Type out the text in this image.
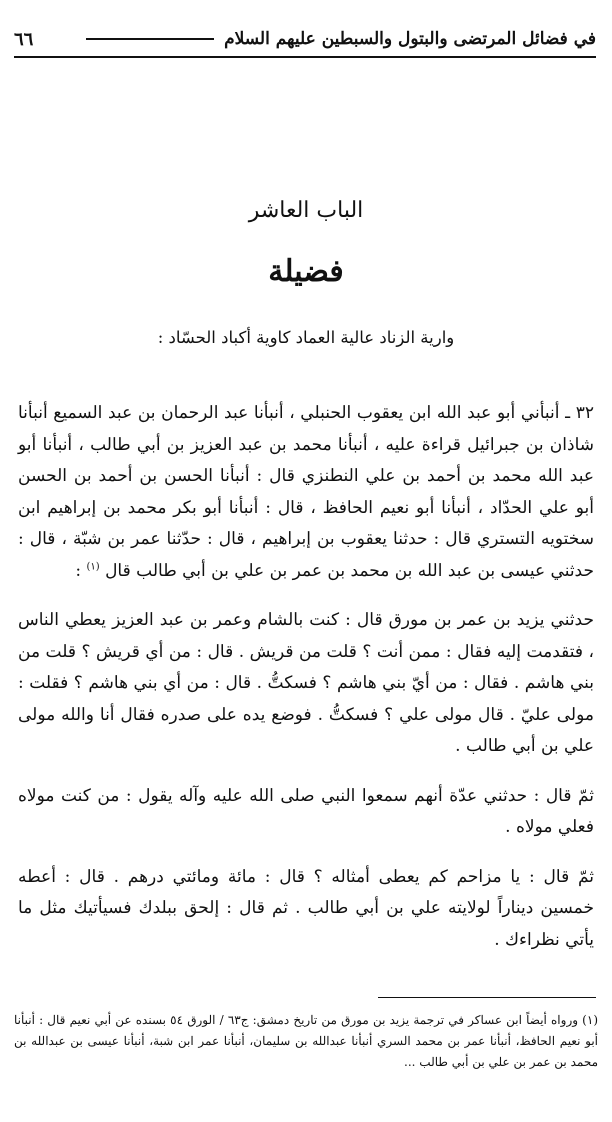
في فضائل المرتضى والبتول والسبطين عليهم السلام
٦٦
الباب العاشر
فضيلة
وارية الزناد عالية العماد كاوية أكباد الحسّاد :

٣٢ ـ أنبأني أبو عبد الله ابن يعقوب الحنبلي ، أنبأنا عبد الرحمان بن عبد السميع أنبأنا شاذان بن جبرائيل قراءة عليه ، أنبأنا محمد بن عبد العزيز بن أبي طالب ، أنبأنا أبو عبد الله محمد بن أحمد بن علي النطنزي قال : أنبأنا الحسن بن أحمد بن الحسن أبو علي الحدّاد ، أنبأنا أبو نعيم الحافظ ، قال : أنبأنا أبو بكر محمد بن إبراهيم ابن سختويه التستري قال : حدثنا يعقوب بن إبراهيم ، قال : حدّثنا عمر بن شبّة ، قال : حدثني عيسى بن عبد الله بن محمد بن عمر بن علي بن أبي طالب قال $^{(١)}$ :

حدثني يزيد بن عمر بن مورق قال : كنت بالشام وعمر بن عبد العزيز يعطي الناس ، فتقدمت إليه فقال : ممن أنت ؟ قلت من قريش . قال : من أي قريش ؟ قلت من بني هاشم . فقال : من أيّ بني هاشم ؟ فسكتُّ . قال : من أي بني هاشم ؟ فقلت : مولى عليّ . قال مولى علي ؟ فسكتُّ . فوضع يده على صدره فقال أنا والله مولى علي بن أبي طالب .

ثمّ قال : حدثني عدّة أنهم سمعوا النبي صلى الله عليه وآله يقول : من كنت مولاه فعلي مولاه .

ثمّ قال : يا مزاحم كم يعطى أمثاله ؟ قال : مائة ومائتي درهم . قال : أعطه خمسين ديناراً لولايته علي بن أبي طالب . ثم قال : إلحق ببلدك فسيأتيك مثل ما يأتي نظراءك .

(١) ورواه أيضاً ابن عساكر في ترجمة يزيد بن مورق من تاريخ دمشق: ج٦٣ / الورق ٥٤ بسنده عن أبي نعيم قال : أنبأنا أبو نعيم الحافظ، أنبأنا عمر بن محمد السري أنبأنا عبدالله بن سليمان، أنبأنا عمر ابن شبة، أنبأنا عيسى بن عبدالله بن محمد بن عمر بن علي بن أبي طالب ...
